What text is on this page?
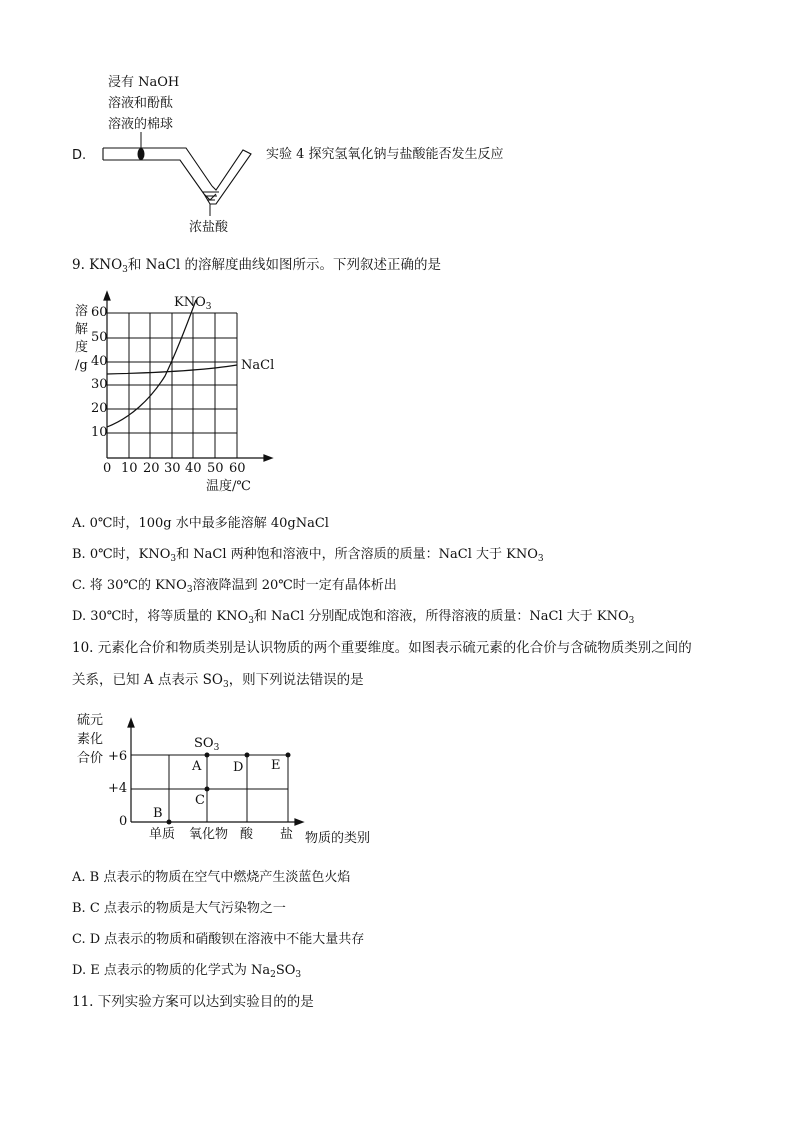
浸有 NaOH
溶液和酚酞
溶液的棉球
D.	实验 4 探究氢氧化钠与盐酸能否发生反应
浓盐酸
9. $KNO_3$和 NaCl 的溶解度曲线如图所示。下列叙述正确的是
溶
解
度
/g
60
50
40
30
20
10
0 10 20 30 40 50 60
温度/℃
$KNO_3$
NaCl
A. 0℃时，100g 水中最多能溶解 40gNaCl
B. 0℃时，$KNO_3$和 NaCl 两种饱和溶液中，所含溶质的质量：NaCl 大于 $KNO_3$
C. 将 30℃的 $KNO_3$溶液降温到 20℃时一定有晶体析出
D. 30℃时，将等质量的 $KNO_3$和 NaCl 分别配成饱和溶液，所得溶液的质量：NaCl 大于 $KNO_3$
10. 元素化合价和物质类别是认识物质的两个重要维度。如图表示硫元素的化合价与含硫物质类别之间的
关系，已知 A 点表示 $SO_3$，则下列说法错误的是
硫元
素化
合价 +6
+4
0
$SO_3$
A
B
C
D E
单质 氧化物 酸 盐 物质的类别
A. B 点表示的物质在空气中燃烧产生淡蓝色火焰
B. C 点表示的物质是大气污染物之一
C. D 点表示的物质和硝酸钡在溶液中不能大量共存
D. E 点表示的物质的化学式为 $Na_2SO_3$
11. 下列实验方案可以达到实验目的的是
